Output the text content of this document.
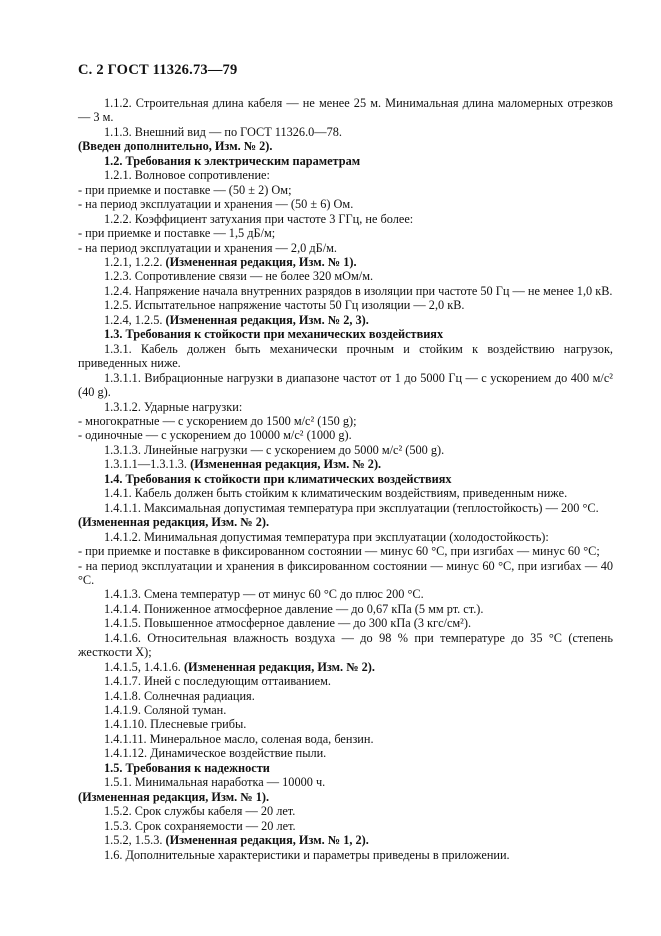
С. 2 ГОСТ 11326.73—79

1.1.2. Строительная длина кабеля — не менее 25 м. Минимальная длина маломерных отрезков — 3 м.

1.1.3. Внешний вид — по ГОСТ 11326.0—78.

(Введен дополнительно, Изм. № 2).

1.2. Требования к электрическим параметрам

1.2.1. Волновое сопротивление:

- при приемке и поставке — (50 ± 2) Ом;

- на период эксплуатации и хранения — (50 ± 6) Ом.

1.2.2. Коэффициент затухания при частоте 3 ГГц, не более:

- при приемке и поставке — 1,5 дБ/м;

- на период эксплуатации и хранения — 2,0 дБ/м.

1.2.1, 1.2.2. (Измененная редакция, Изм. № 1).

1.2.3. Сопротивление связи — не более 320 мОм/м.

1.2.4. Напряжение начала внутренних разрядов в изоляции при частоте 50 Гц — не менее 1,0 кВ.

1.2.5. Испытательное напряжение частоты 50 Гц изоляции — 2,0 кВ.

1.2.4, 1.2.5. (Измененная редакция, Изм. № 2, 3).

1.3. Требования к стойкости при механических воздействиях

1.3.1. Кабель должен быть механически прочным и стойким к воздействию нагрузок, приведенных ниже.

1.3.1.1. Вибрационные нагрузки в диапазоне частот от 1 до 5000 Гц — с ускорением до 400 м/с² (40 g).

1.3.1.2. Ударные нагрузки:

- многократные — с ускорением до 1500 м/с² (150 g);

- одиночные — с ускорением до 10000 м/с² (1000 g).

1.3.1.3. Линейные нагрузки — с ускорением до 5000 м/с² (500 g).

1.3.1.1—1.3.1.3. (Измененная редакция, Изм. № 2).

1.4. Требования к стойкости при климатических воздействиях

1.4.1. Кабель должен быть стойким к климатическим воздействиям, приведенным ниже.

1.4.1.1. Максимальная допустимая температура при эксплуатации (теплостойкость) — 200 °С.

(Измененная редакция, Изм. № 2).

1.4.1.2. Минимальная допустимая температура при эксплуатации (холодостойкость):

- при приемке и поставке в фиксированном состоянии — минус 60 °С, при изгибах — минус 60 °С;

- на период эксплуатации и хранения в фиксированном состоянии — минус 60 °С, при изгибах — 40 °С.

1.4.1.3. Смена температур — от минус 60 °С до плюс 200 °С.

1.4.1.4. Пониженное атмосферное давление — до 0,67 кПа (5 мм рт. ст.).

1.4.1.5. Повышенное атмосферное давление — до 300 кПа (3 кгс/см²).

1.4.1.6. Относительная влажность воздуха — до 98 % при температуре до 35 °С (степень жесткости X);

1.4.1.5, 1.4.1.6. (Измененная редакция, Изм. № 2).

1.4.1.7. Иней с последующим оттаиванием.

1.4.1.8. Солнечная радиация.

1.4.1.9. Соляной туман.

1.4.1.10. Плесневые грибы.

1.4.1.11. Минеральное масло, соленая вода, бензин.

1.4.1.12. Динамическое воздействие пыли.

1.5. Требования к надежности

1.5.1. Минимальная наработка — 10000 ч.

(Измененная редакция, Изм. № 1).

1.5.2. Срок службы кабеля — 20 лет.

1.5.3. Срок сохраняемости — 20 лет.

1.5.2, 1.5.3. (Измененная редакция, Изм. № 1, 2).

1.6. Дополнительные характеристики и параметры приведены в приложении.
